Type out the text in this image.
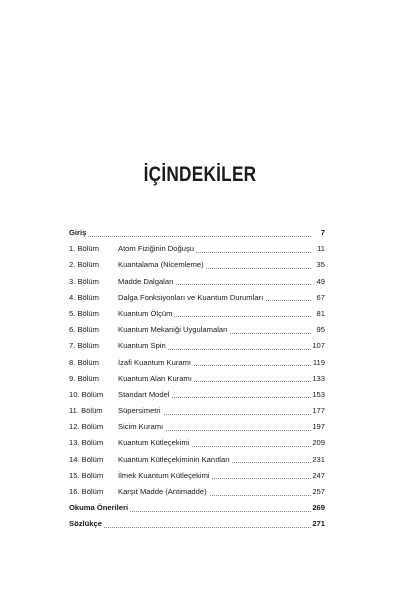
İÇİNDEKİLER
Giriş	7
1. Bölüm	Atom Fiziğinin Doğuşu	11
2. Bölüm	Kuantalama (Nicemleme)	35
3. Bölüm	Madde Dalgaları	49
4. Bölüm	Dalga Fonksiyonları ve Kuantum Durumları	67
5. Bölüm	Kuantum Ölçüm	81
6. Bölüm	Kuantum Mekaniği Uygulamaları	95
7. Bölüm	Kuantum Spin	107
8. Bölüm	İzafi Kuantum Kuramı	119
9. Bölüm	Kuantum Alan Kuramı	133
10. Bölüm	Standart Model	153
11. Bölüm	Süpersimetri	177
12. Bölüm	Sicim Kuramı	197
13. Bölüm	Kuantum Kütleçekimi	209
14. Bölüm	Kuantum Kütleçekiminin Kanıtları	231
15. Bölüm	İlmek Kuantum Kütleçekimi	247
16. Bölüm	Karşıt Madde (Antimadde)	257
Okuma Önerileri	269
Sözlükçe	271
